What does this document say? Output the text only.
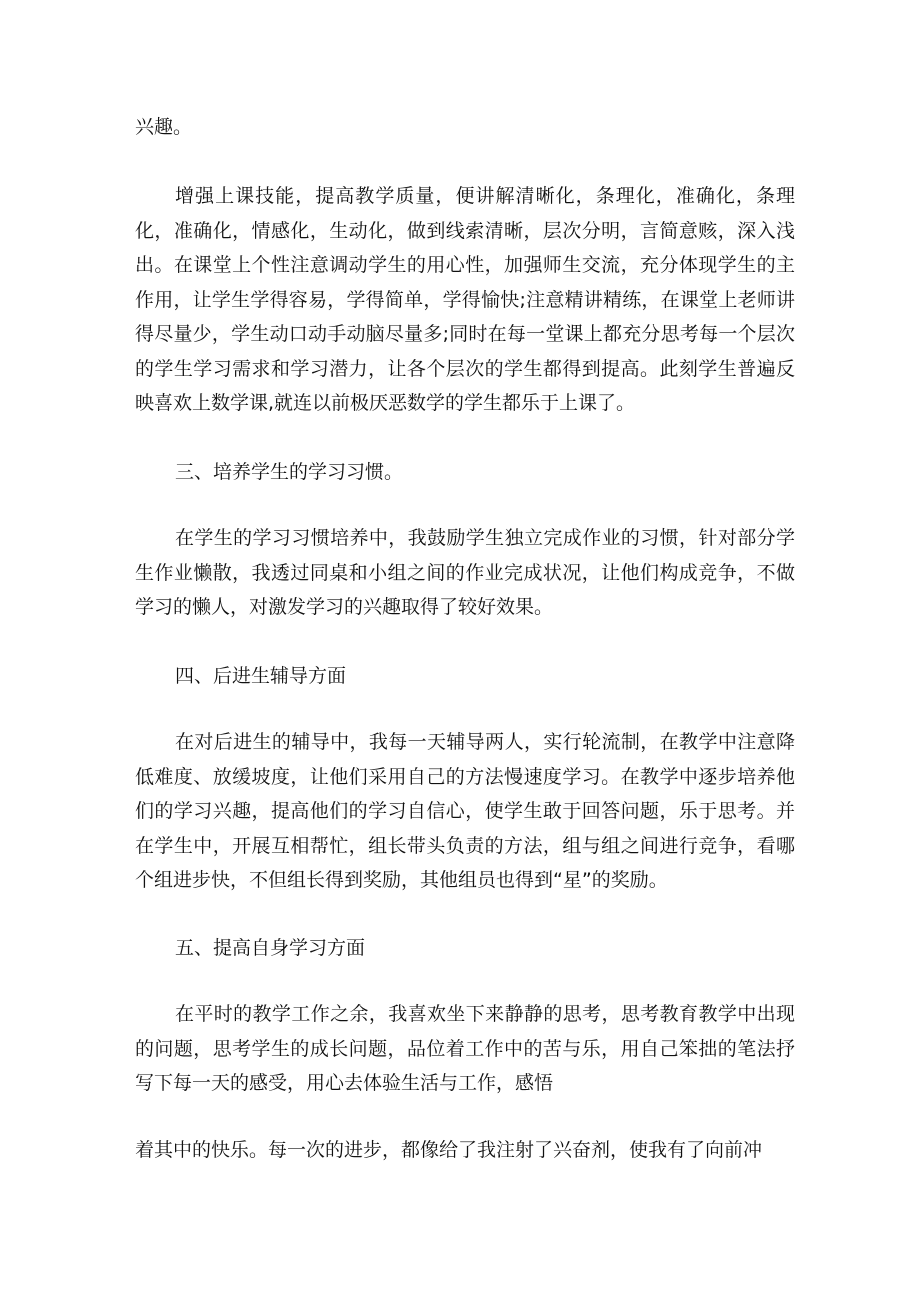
兴趣。

增强上课技能，提高教学质量，便讲解清晰化，条理化，准确化，条理化，准确化，情感化，生动化，做到线索清晰，层次分明，言简意赅，深入浅出。在课堂上个性注意调动学生的用心性，加强师生交流，充分体现学生的主作用，让学生学得容易，学得简单，学得愉快;注意精讲精练，在课堂上老师讲得尽量少，学生动口动手动脑尽量多;同时在每一堂课上都充分思考每一个层次的学生学习需求和学习潜力，让各个层次的学生都得到提高。此刻学生普遍反映喜欢上数学课,就连以前极厌恶数学的学生都乐于上课了。

三、培养学生的学习习惯。

在学生的学习习惯培养中，我鼓励学生独立完成作业的习惯，针对部分学生作业懒散，我透过同桌和小组之间的作业完成状况，让他们构成竞争，不做学习的懒人，对激发学习的兴趣取得了较好效果。

四、后进生辅导方面

在对后进生的辅导中，我每一天辅导两人，实行轮流制，在教学中注意降低难度、放缓坡度，让他们采用自己的方法慢速度学习。在教学中逐步培养他们的学习兴趣，提高他们的学习自信心，使学生敢于回答问题，乐于思考。并在学生中，开展互相帮忙，组长带头负责的方法，组与组之间进行竞争，看哪个组进步快，不但组长得到奖励，其他组员也得到“星”的奖励。

五、提高自身学习方面

在平时的教学工作之余，我喜欢坐下来静静的思考，思考教育教学中出现的问题，思考学生的成长问题，品位着工作中的苦与乐，用自己笨拙的笔法抒写下每一天的感受，用心去体验生活与工作，感悟

着其中的快乐。每一次的进步，都像给了我注射了兴奋剂，使我有了向前冲
